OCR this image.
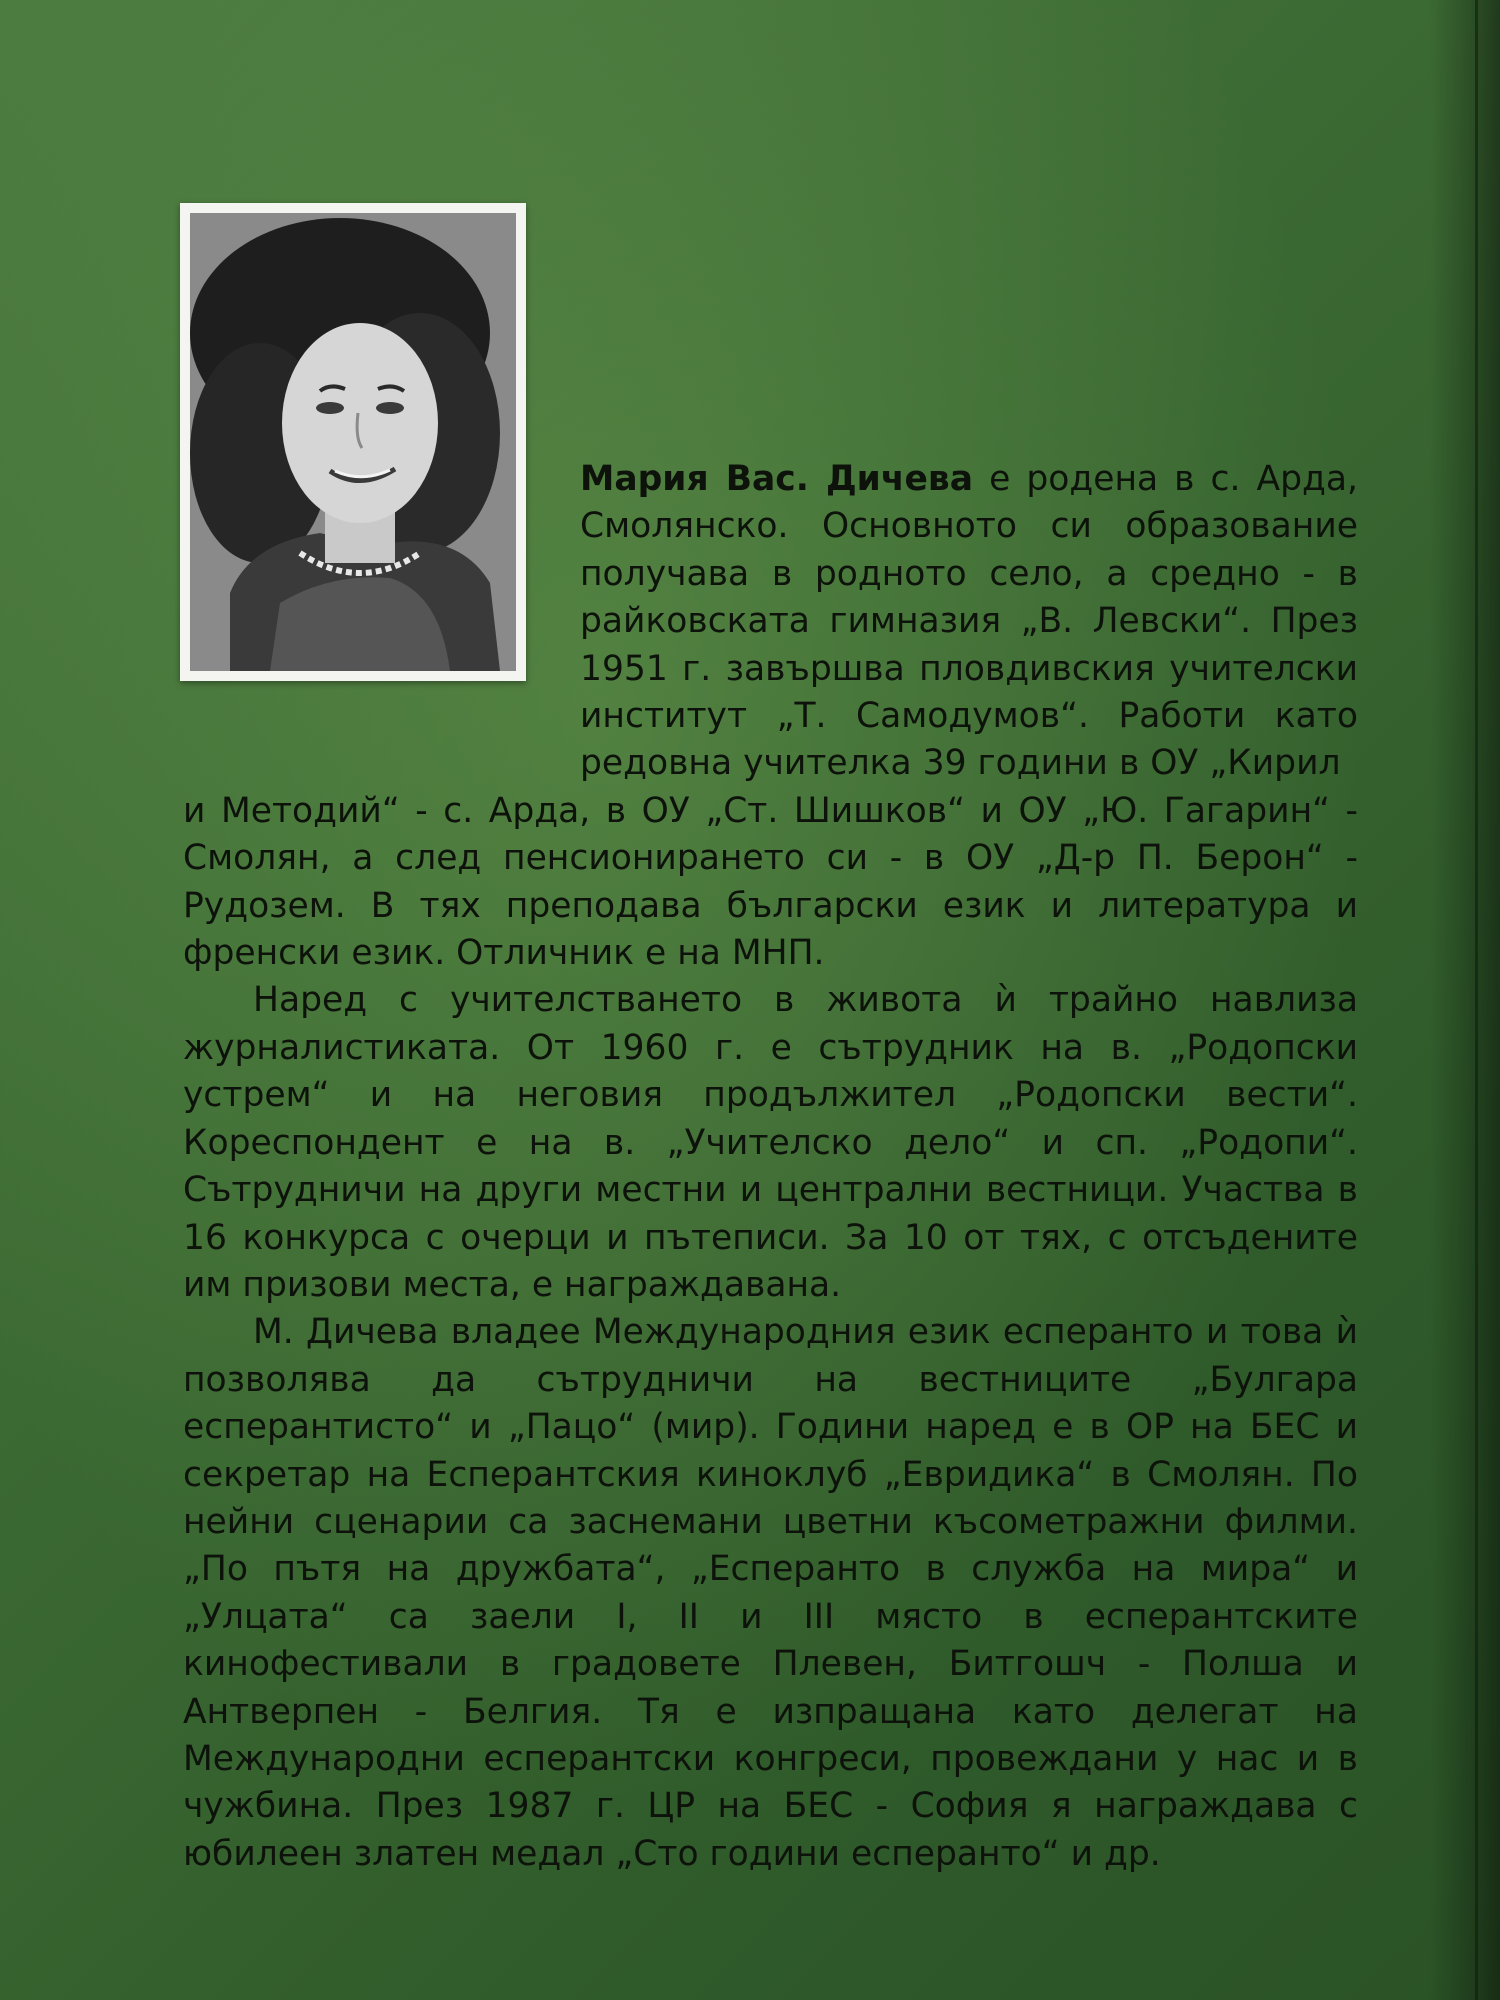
Мария Вас. Дичева е родена в с. Арда, Смолянско. Основното си образование получава в родното село, а средно - в райковската гимназия „В. Левски“. През 1951 г. завършва пловдивския учителски институт „Т. Самодумов“. Работи като редовна учителка 39 години в ОУ „Кирил

и Методий“ - с. Арда, в ОУ „Ст. Шишков“ и ОУ „Ю. Гагарин“ - Смолян, а след пенсионирането си - в ОУ „Д-р П. Берон“ - Рудозем. В тях преподава български език и литература и френски език. Отличник е на МНП.

Наред с учителстването в живота ѝ трайно навлиза журналистиката. От 1960 г. е сътрудник на в. „Родопски устрем“ и на неговия продължител „Родопски вести“. Кореспондент е на в. „Учителско дело“ и сп. „Родопи“. Сътрудничи на други местни и централни вестници. Участва в 16 конкурса с очерци и пътеписи. За 10 от тях, с отсъдените им призови места, е награждавана.

М. Дичева владее Международния език есперанто и това ѝ позволява да сътрудничи на вестниците „Булгара есперантисто“ и „Пацо“ (мир). Години наред е в ОР на БЕС и секретар на Есперантския киноклуб „Евридика“ в Смолян. По нейни сценарии са заснемани цветни късометражни филми. „По пътя на дружбата“, „Есперанто в служба на мира“ и „Улцата“ са заели I, II и III място в есперантските кинофестивали в градовете Плевен, Битгошч - Полша и Антверпен - Белгия. Тя е изпращана като делегат на Международни есперантски конгреси, провеждани у нас и в чужбина. През 1987 г. ЦР на БЕС - София я награждава с юбилеен златен медал „Сто години есперанто“ и др.
